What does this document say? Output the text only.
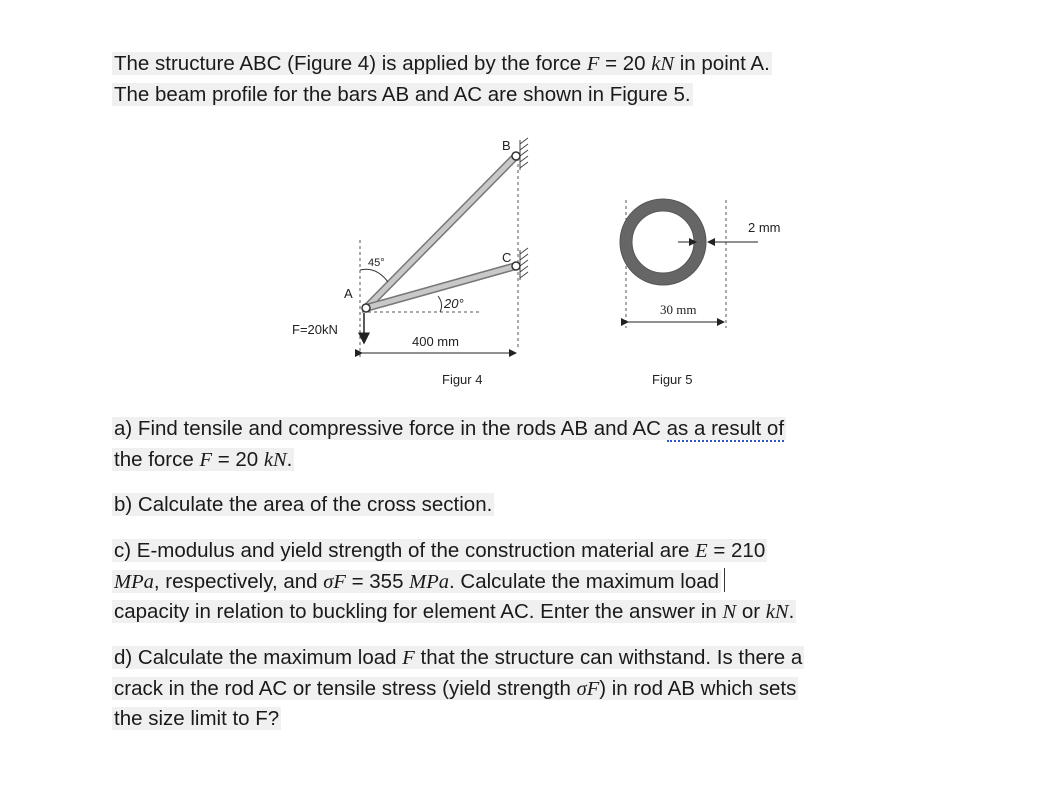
The structure ABC (Figure 4) is applied by the force F = 20 kN in point A.
The beam profile for the bars AB and AC are shown in Figure 5.
B
C
A
45°
20°
F=20kN
400 mm
Figur 4
2 mm
30 mm
Figur 5
a) Find tensile and compressive force in the rods AB and AC as a result of
the force F = 20 kN.
b) Calculate the area of the cross section.
c) E-modulus and yield strength of the construction material are E = 210
MPa, respectively, and σF = 355 MPa. Calculate the maximum load
capacity in relation to buckling for element AC. Enter the answer in N or kN.
d) Calculate the maximum load F that the structure can withstand. Is there a
crack in the rod AC or tensile stress (yield strength σF) in rod AB which sets
the size limit to F?
